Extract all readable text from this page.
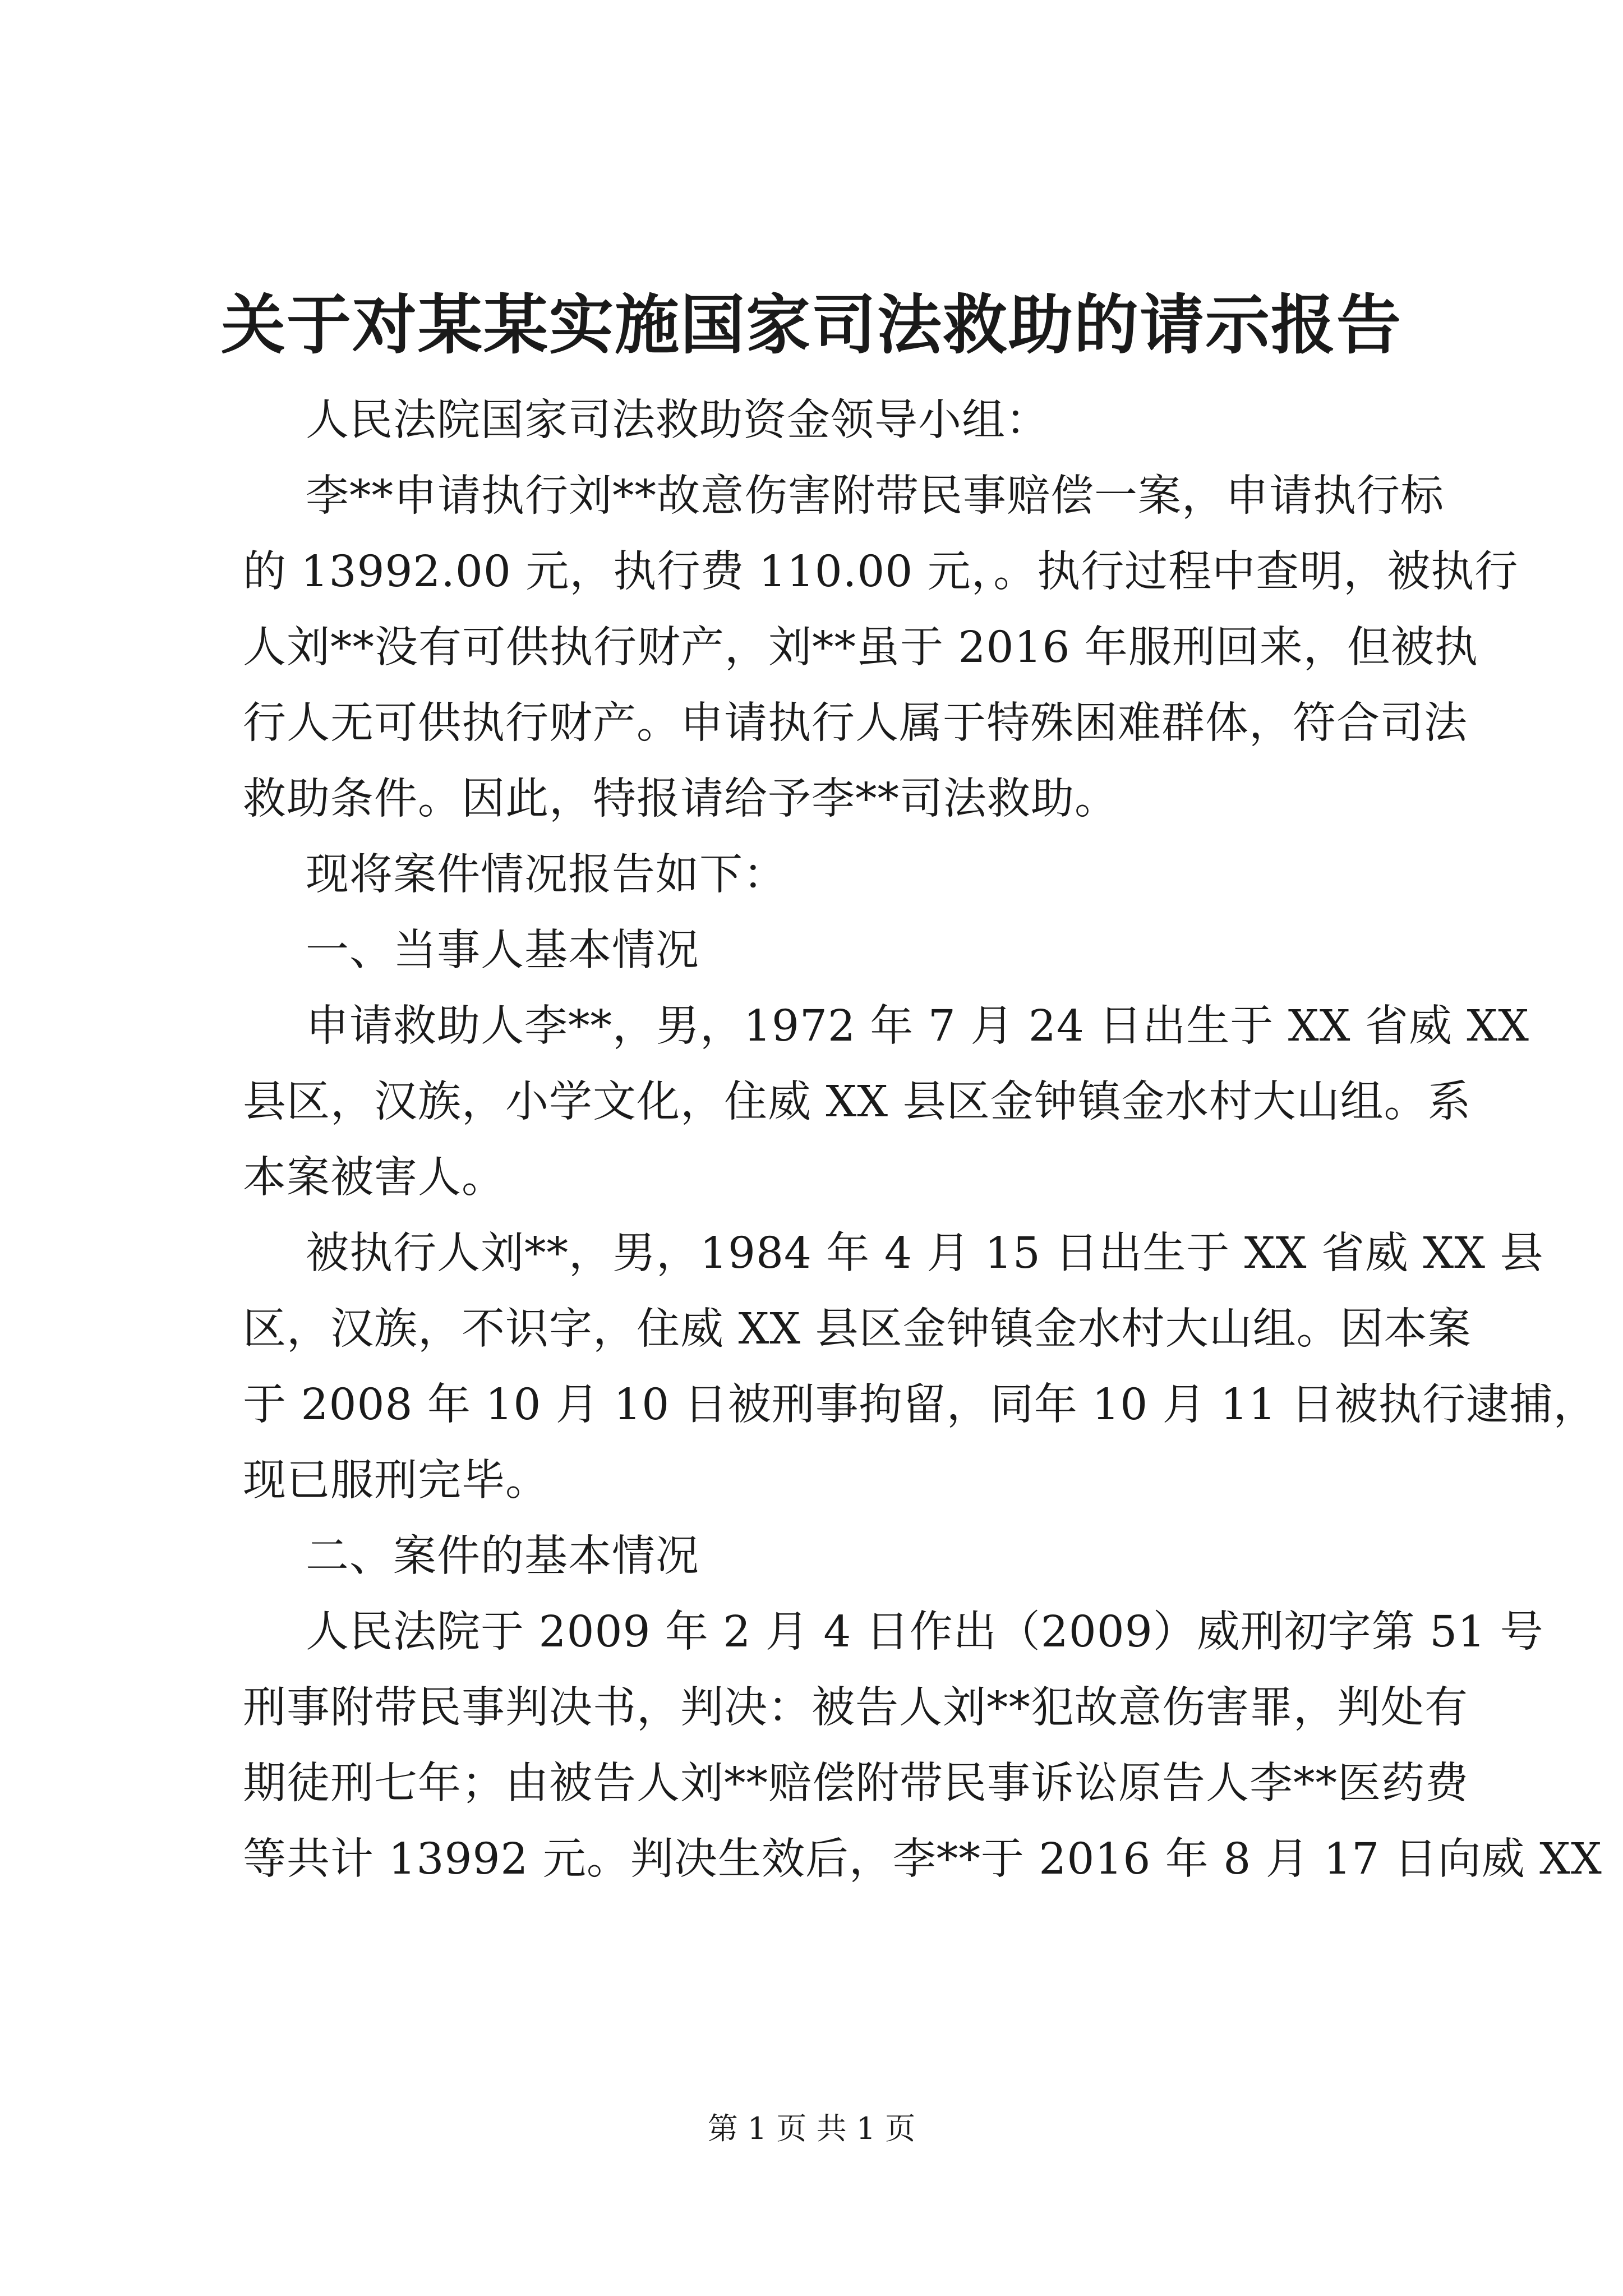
关于对某某实施国家司法救助的请示报告

人民法院国家司法救助资金领导小组：

李**申请执行刘**故意伤害附带民事赔偿一案，申请执行标

的 13992.00 元，执行费 110.00 元，。执行过程中查明，被执行

人刘**没有可供执行财产，刘**虽于 2016 年服刑回来，但被执

行人无可供执行财产。申请执行人属于特殊困难群体，符合司法

救助条件。因此，特报请给予李**司法救助。

现将案件情况报告如下：

一、当事人基本情况

申请救助人李**，男，1972 年 7 月 24 日出生于 XX 省威 XX

县区，汉族，小学文化，住威 XX 县区金钟镇金水村大山组。系

本案被害人。

被执行人刘**，男，1984 年 4 月 15 日出生于 XX 省威 XX 县

区，汉族，不识字，住威 XX 县区金钟镇金水村大山组。因本案

于 2008 年 10 月 10 日被刑事拘留，同年 10 月 11 日被执行逮捕，

现已服刑完毕。

二、案件的基本情况

人民法院于 2009 年 2 月 4 日作出（2009）威刑初字第 51 号

刑事附带民事判决书，判决：被告人刘**犯故意伤害罪，判处有

期徒刑七年；由被告人刘**赔偿附带民事诉讼原告人李**医药费

等共计 13992 元。判决生效后，李**于 2016 年 8 月 17 日向威 XX

第 1 页 共 1 页
